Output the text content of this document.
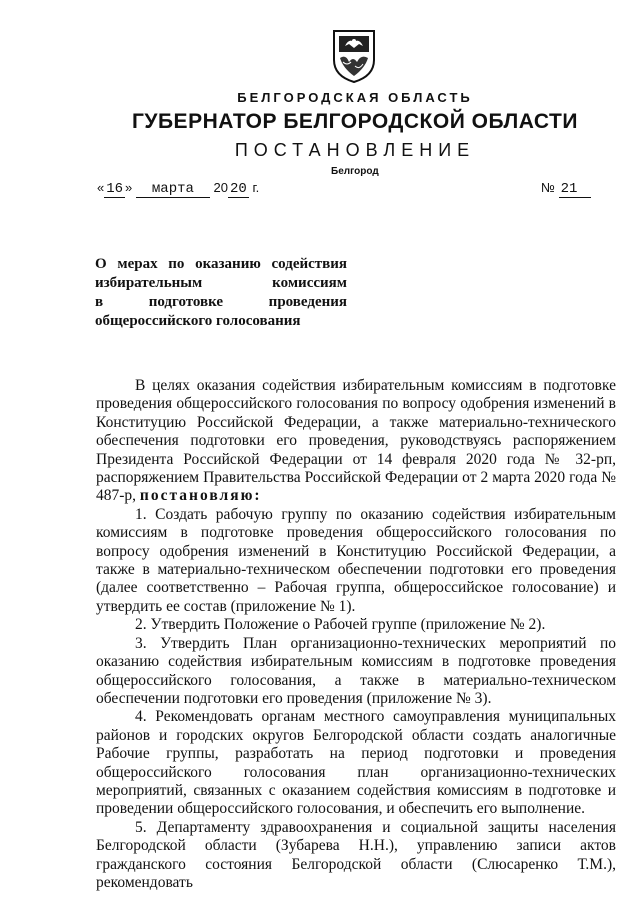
БЕЛГОРОДСКАЯ ОБЛАСТЬ
ГУБЕРНАТОР БЕЛГОРОДСКОЙ ОБЛАСТИ
ПОСТАНОВЛЕНИЕ
Белгород
« 16 » марта 20 20 г.	№ 21
О мерах по оказанию содействия
избирательным комиссиям
в подготовке проведения
общероссийского голосования

В целях оказания содействия избирательным комиссиям в подготовке проведения общероссийского голосования по вопросу одобрения изменений в Конституцию Российской Федерации, а также материально-технического обеспечения подготовки его проведения, руководствуясь распоряжением Президента Российской Федерации от 14 февраля 2020 года № 32-рп, распоряжением Правительства Российской Федерации от 2 марта 2020 года № 487-р, постановляю:

1. Создать рабочую группу по оказанию содействия избирательным комиссиям в подготовке проведения общероссийского голосования по вопросу одобрения изменений в Конституцию Российской Федерации, а также в материально-техническом обеспечении подготовки его проведения (далее соответственно – Рабочая группа, общероссийское голосование) и утвердить ее состав (приложение № 1).

2. Утвердить Положение о Рабочей группе (приложение № 2).

3. Утвердить План организационно-технических мероприятий по оказанию содействия избирательным комиссиям в подготовке проведения общероссийского голосования, а также в материально-техническом обеспечении подготовки его проведения (приложение № 3).

4. Рекомендовать органам местного самоуправления муниципальных районов и городских округов Белгородской области создать аналогичные Рабочие группы, разработать на период подготовки и проведения общероссийского голосования план организационно-технических мероприятий, связанных с оказанием содействия комиссиям в подготовке и проведении общероссийского голосования, и обеспечить его выполнение.

5. Департаменту здравоохранения и социальной защиты населения Белгородской области (Зубарева Н.Н.), управлению записи актов гражданского состояния Белгородской области (Слюсаренко Т.М.), рекомендовать
